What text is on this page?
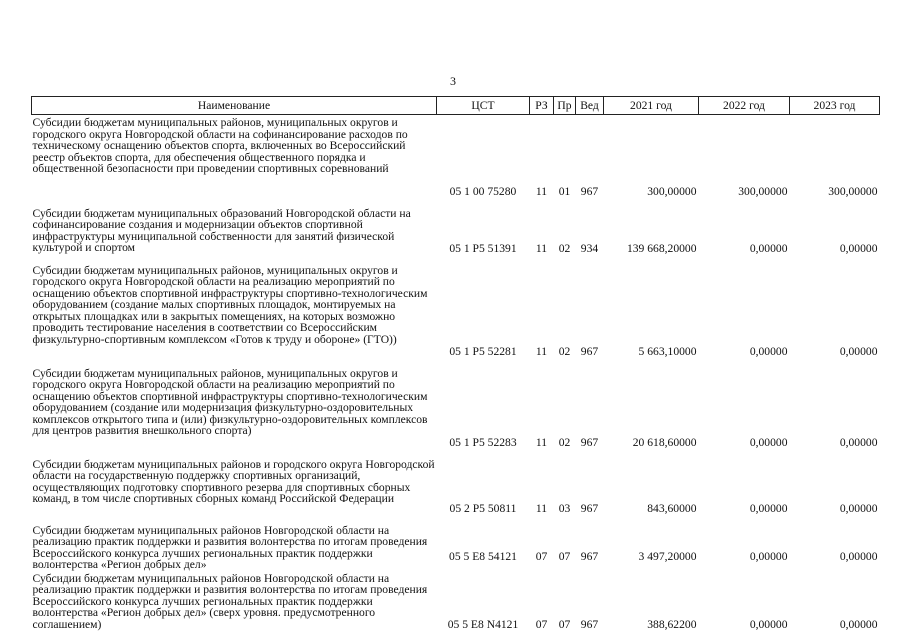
3
Наименование	ЦСТ	РЗ	Пр	Вед	2021 год	2022 год	2023 год
Субсидии бюджетам муниципальных районов, муниципальных округов и городского округа Новгородской области на софинансирование расходов по техническому оснащению объектов спорта, включенных во Всероссийский реестр объектов спорта, для обеспечения общественного порядка и общественной безопасности при проведении спортивных соревнований	05 1 00 75280	11	01	967	300,00000	300,00000	300,00000
Субсидии бюджетам муниципальных образований Новгородской области на софинансирование создания и модернизации объектов спортивной инфраструктуры муниципальной собственности для занятий физической культурой и спортом	05 1 P5 51391	11	02	934	139 668,20000	0,00000	0,00000
Субсидии бюджетам муниципальных районов, муниципальных округов и городского округа Новгородской области на реализацию мероприятий по оснащению объектов спортивной инфраструктуры спортивно-технологическим оборудованием (создание малых спортивных площадок, монтируемых на открытых площадках или в закрытых помещениях, на которых возможно проводить тестирование населения в соответствии со Всероссийским физкультурно-спортивным комплексом «Готов к труду и обороне» (ГТО))	05 1 P5 52281	11	02	967	5 663,10000	0,00000	0,00000
Субсидии бюджетам муниципальных районов, муниципальных округов и городского округа Новгородской области на реализацию мероприятий по оснащению объектов спортивной инфраструктуры спортивно-технологическим оборудованием (создание или модернизация физкультурно-оздоровительных комплексов открытого типа и (или) физкультурно-оздоровительных комплексов для центров развития внешкольного спорта)	05 1 P5 52283	11	02	967	20 618,60000	0,00000	0,00000
Субсидии бюджетам муниципальных районов и городского округа Новгородской области на государственную поддержку спортивных организаций, осуществляющих подготовку спортивного резерва для спортивных сборных команд, в том числе спортивных сборных команд Российской Федерации	05 2 P5 50811	11	03	967	843,60000	0,00000	0,00000
Субсидии бюджетам муниципальных районов Новгородской области на реализацию практик поддержки и развития волонтерства по итогам проведения Всероссийского конкурса лучших региональных практик поддержки волонтерства «Регион добрых дел»	05 5 E8 54121	07	07	967	3 497,20000	0,00000	0,00000
Субсидии бюджетам муниципальных районов Новгородской области на реализацию практик поддержки и развития волонтерства по итогам проведения Всероссийского конкурса лучших региональных практик поддержки волонтерства «Регион добрых дел» (сверх уровня. предусмотренного соглашением)	05 5 E8 N4121	07	07	967	388,62200	0,00000	0,00000
